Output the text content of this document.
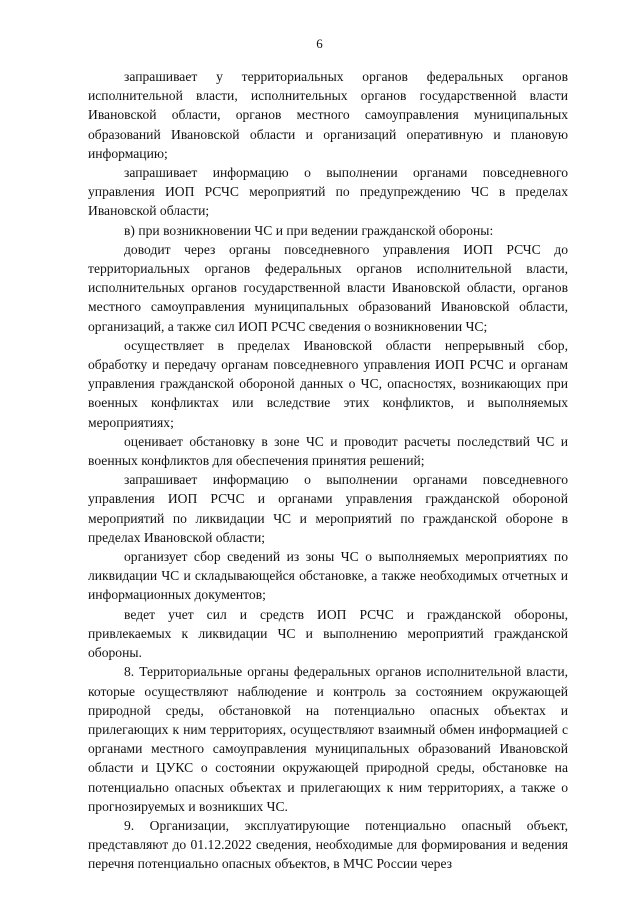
6

запрашивает у территориальных органов федеральных органов исполнительной власти, исполнительных органов государственной власти Ивановской области, органов местного самоуправления муниципальных образований Ивановской области и организаций оперативную и плановую информацию;

запрашивает информацию о выполнении органами повседневного управления ИОП РСЧС мероприятий по предупреждению ЧС в пределах Ивановской области;

в) при возникновении ЧС и при ведении гражданской обороны:

доводит через органы повседневного управления ИОП РСЧС до территориальных органов федеральных органов исполнительной власти, исполнительных органов государственной власти Ивановской области, органов местного самоуправления муниципальных образований Ивановской области, организаций, а также сил ИОП РСЧС сведения о возникновении ЧС;

осуществляет в пределах Ивановской области непрерывный сбор, обработку и передачу органам повседневного управления ИОП РСЧС и органам управления гражданской обороной данных о ЧС, опасностях, возникающих при военных конфликтах или вследствие этих конфликтов, и выполняемых мероприятиях;

оценивает обстановку в зоне ЧС и проводит расчеты последствий ЧС и военных конфликтов для обеспечения принятия решений;

запрашивает информацию о выполнении органами повседневного управления ИОП РСЧС и органами управления гражданской обороной мероприятий по ликвидации ЧС и мероприятий по гражданской обороне в пределах Ивановской области;

организует сбор сведений из зоны ЧС о выполняемых мероприятиях по ликвидации ЧС и складывающейся обстановке, а также необходимых отчетных и информационных документов;

ведет учет сил и средств ИОП РСЧС и гражданской обороны, привлекаемых к ликвидации ЧС и выполнению мероприятий гражданской обороны.

8. Территориальные органы федеральных органов исполнительной власти, которые осуществляют наблюдение и контроль за состоянием окружающей природной среды, обстановкой на потенциально опасных объектах и прилегающих к ним территориях, осуществляют взаимный обмен информацией с органами местного самоуправления муниципальных образований Ивановской области и ЦУКС о состоянии окружающей природной среды, обстановке на потенциально опасных объектах и прилегающих к ним территориях, а также о прогнозируемых и возникших ЧС.

9. Организации, эксплуатирующие потенциально опасный объект, представляют до 01.12.2022 сведения, необходимые для формирования и ведения перечня потенциально опасных объектов, в МЧС России через
